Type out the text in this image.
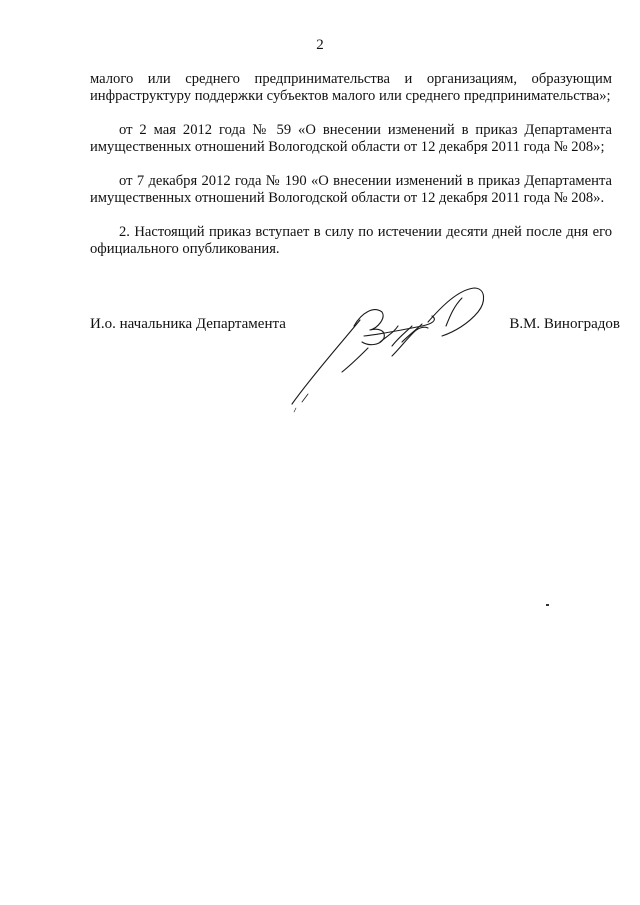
2

малого или среднего предпринимательства и организациям, образующим инфраструктуру поддержки субъектов малого или среднего предпринимательства»;

от 2 мая 2012 года № 59 «О внесении изменений в приказ Департамента имущественных отношений Вологодской области от 12 декабря 2011 года № 208»;

от 7 декабря 2012 года № 190 «О внесении изменений в приказ Департамента имущественных отношений Вологодской области от 12 декабря 2011 года № 208».

2. Настоящий приказ вступает в силу по истечении десяти дней после дня его официального опубликования.

И.о. начальника Департамента	В.М. Виноградов
